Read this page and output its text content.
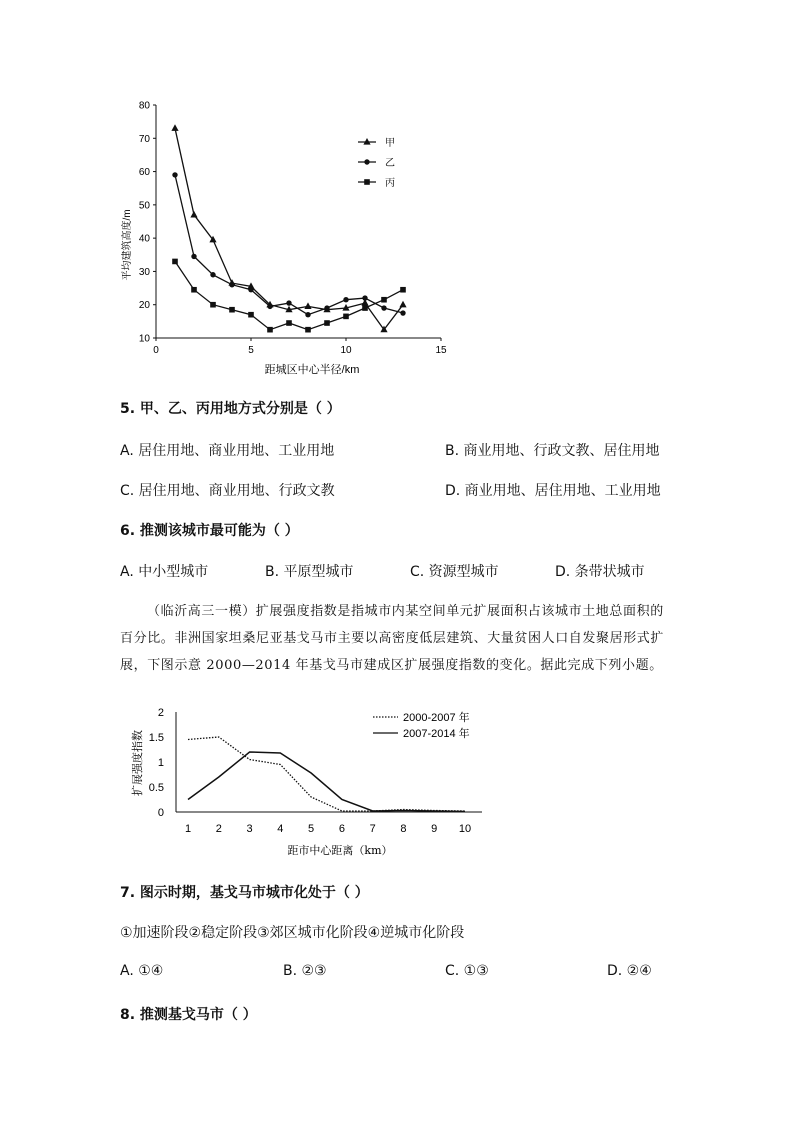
10
20
30
40
50
60
70
80
0	5	10	15
甲
乙
丙
平均建筑高度/m
距城区中心半径/km
5. 甲、乙、丙用地方式分别是（ ）
A. 居住用地、商业用地、工业用地	B. 商业用地、行政文教、居住用地
C. 居住用地、商业用地、行政文教	D. 商业用地、居住用地、工业用地
6. 推测该城市最可能为（ ）
A. 中小型城市	B. 平原型城市	C. 资源型城市	D. 条带状城市
（临沂高三一模）扩展强度指数是指城市内某空间单元扩展面积占该城市土地总面积的
百分比。非洲国家坦桑尼亚基戈马市主要以高密度低层建筑、大量贫困人口自发聚居形式扩
展，下图示意 2000—2014 年基戈马市建成区扩展强度指数的变化。据此完成下列小题。
0
0.5
1
1.5
2
1 2 3 4 5 6 7 8 9 10
2000-2007 年
2007-2014 年
扩展强度指数
距市中心距离（km）
7. 图示时期，基戈马市城市化处于（ ）
①加速阶段②稳定阶段③郊区城市化阶段④逆城市化阶段
A. ①④	B. ②③	C. ①③	D. ②④
8. 推测基戈马市（ ）
